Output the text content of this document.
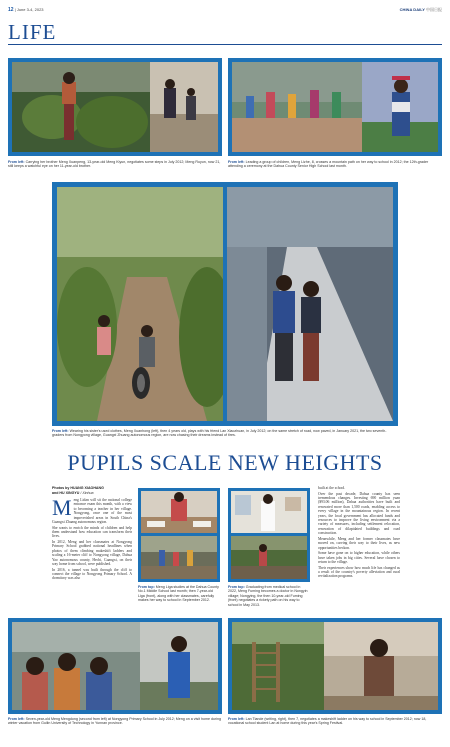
12 | June 3-4, 2023	CHINA DAILY 中国日报
LIFE
From left: Carrying her brother Meng Xuanpeng, 13-year-old Meng Kiyun, negotiates some steps in July 2012; Meng Ruyun, now 21, still keeps a watchful eye on her 11-year-old brother.
From left: Leading a group of children, Meng Lizhe, 8, crosses a mountain path on her way to school in 2012; the 12th-grader attending a ceremony at the Dahua County Senior High School last month.
From left: Wearing his sister's used clothes, Meng Xuanhong (left), then 4 years old, plays with his friend Lan Xiaozhuan, in July 2012; on the same stretch of road, now paved, in January 2021, the two seventh-graders from Nongyong village, Guangxi Zhuang autonomous region, are now chasing their dreams instead of tires.
PUPILS SCALE NEW HEIGHTS
Photos by HUANG XIAOHANG
and HU XINGYU / Xinhua
M eng Lidan will sit the national college entrance exam this month, with a view to becoming a teacher in her village. Nongyong, once one of the most impoverished areas in South China's Guangxi Zhuang autonomous region.

She wants to enrich the minds of children and help them understand how education can transform their lives.

In 2012, Meng and her classmates at Nongyong Primary School grabbed national headlines when photos of them climbing makeshift ladders and scaling a 16-meter cliff to Nongyong village, Dahua Yao autonomous county, Hechi, Guangxi, on their way home from school, were published.

In 2016, a tunnel was built through the cliff to connect the village to Nongyong Primary School. A dormitory was also

From top: Meng Liga studies at the Dahua County No.1 Middle School last month; then 7-year-old Liga (front), along with her classmates, carefully makes her way to school in September 2012.
From top: Graduating from medical school in 2022, Meng Fuming becomes a doctor in Nongyin village; Nongying, the then 10-year-old Fuming (front) negotiates a rickety path on his way to school in May 2013.

built at the school.

Over the past decade, Dahua county has seen tremendous changes. Investing 690 million yuan ($93.06 million), Dahua authorities have built and renovated more than 1,500 roads, enabling access to every village in the mountainous region. In recent years, the local government has allocated funds and resources to improve the living environment via a variety of measures, including settlement relocation, renovation of dilapidated buildings and road construction.

Meanwhile, Meng and her former classmates have moved on, carving their way to their lives, as new opportunities beckon.

Some have gone on to higher education, while others have taken jobs in big cities. Several have chosen to return to the village.

Their experiences show how much life has changed as a result of the country's poverty alleviation and rural revitalization programs.

From left: Seven-year-old Meng Mengdong (second from left) at Nongyong Primary School in July 2012; Meng on a visit home during winter vacation from Guilin University of Technology in Yunnan province.
From left: Lan Tiande (writing, right), then 7, negotiates a makeshift ladder on his way to school in September 2012; now 18, vocational school student Lan at home during this year's Spring Festival.
